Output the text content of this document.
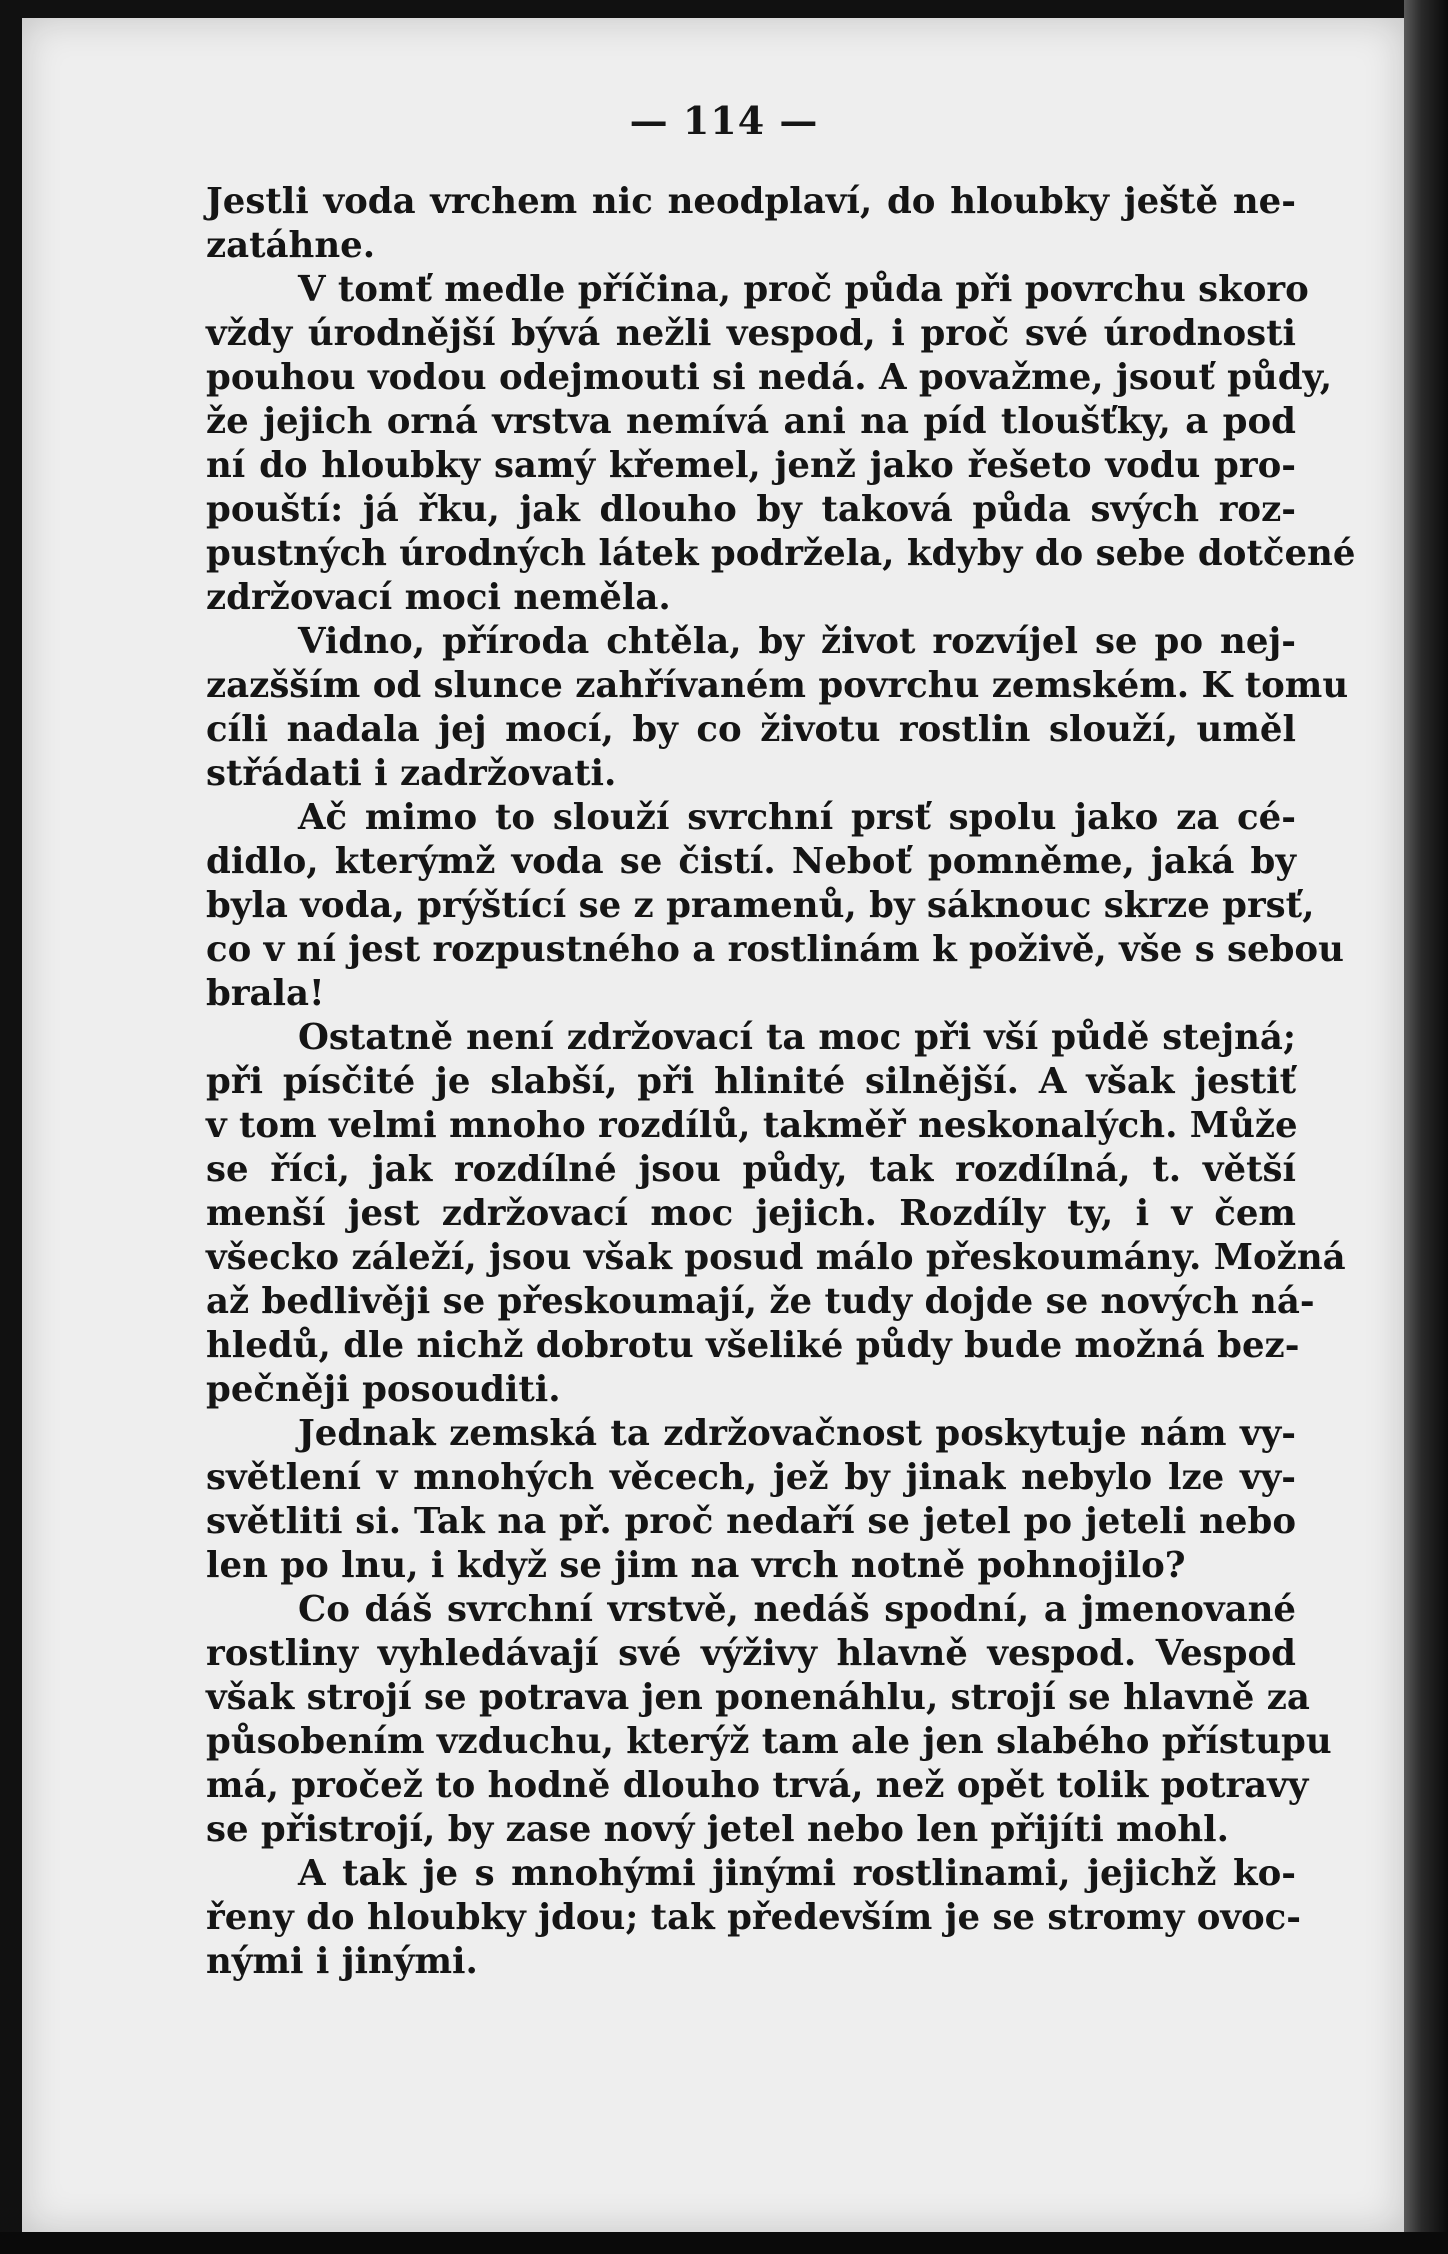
— 114 —
Jestli voda vrchem nic neodplaví, do hloubky ještě ne-
zatáhne.
V tomť medle příčina, proč půda při povrchu skoro
vždy úrodnější bývá nežli vespod, i proč své úrodnosti
pouhou vodou odejmouti si nedá. A považme, jsouť půdy,
že jejich orná vrstva nemívá ani na píd tloušťky, a pod
ní do hloubky samý křemel, jenž jako řešeto vodu pro-
pouští: já řku, jak dlouho by taková půda svých roz-
pustných úrodných látek podržela, kdyby do sebe dotčené
zdržovací moci neměla.
Vidno, příroda chtěla, by život rozvíjel se po nej-
zazšším od slunce zahřívaném povrchu zemském. K tomu
cíli nadala jej mocí, by co životu rostlin slouží, uměl
střádati i zadržovati.
Ač mimo to slouží svrchní prsť spolu jako za cé-
didlo, kterýmž voda se čistí. Neboť pomněme, jaká by
byla voda, prýštící se z pramenů, by sáknouc skrze prsť,
co v ní jest rozpustného a rostlinám k poživě, vše s sebou
brala!
Ostatně není zdržovací ta moc při vší půdě stejná;
při písčité je slabší, při hlinité silnější. A však jestiť
v tom velmi mnoho rozdílů, takměř neskonalých. Může
se říci, jak rozdílné jsou půdy, tak rozdílná, t. větší
menší jest zdržovací moc jejich. Rozdíly ty, i v čem
všecko záleží, jsou však posud málo přeskoumány. Možná
až bedlivěji se přeskoumají, že tudy dojde se nových ná-
hledů, dle nichž dobrotu všeliké půdy bude možná bez-
pečněji posouditi.
Jednak zemská ta zdržovačnost poskytuje nám vy-
světlení v mnohých věcech, jež by jinak nebylo lze vy-
světliti si. Tak na př. proč nedaří se jetel po jeteli nebo
len po lnu, i když se jim na vrch notně pohnojilo?
Co dáš svrchní vrstvě, nedáš spodní, a jmenované
rostliny vyhledávají své výživy hlavně vespod. Vespod
však strojí se potrava jen ponenáhlu, strojí se hlavně za
působením vzduchu, kterýž tam ale jen slabého přístupu
má, pročež to hodně dlouho trvá, než opět tolik potravy
se přistrojí, by zase nový jetel nebo len přijíti mohl.
A tak je s mnohými jinými rostlinami, jejichž ko-
řeny do hloubky jdou; tak především je se stromy ovoc-
nými i jinými.
